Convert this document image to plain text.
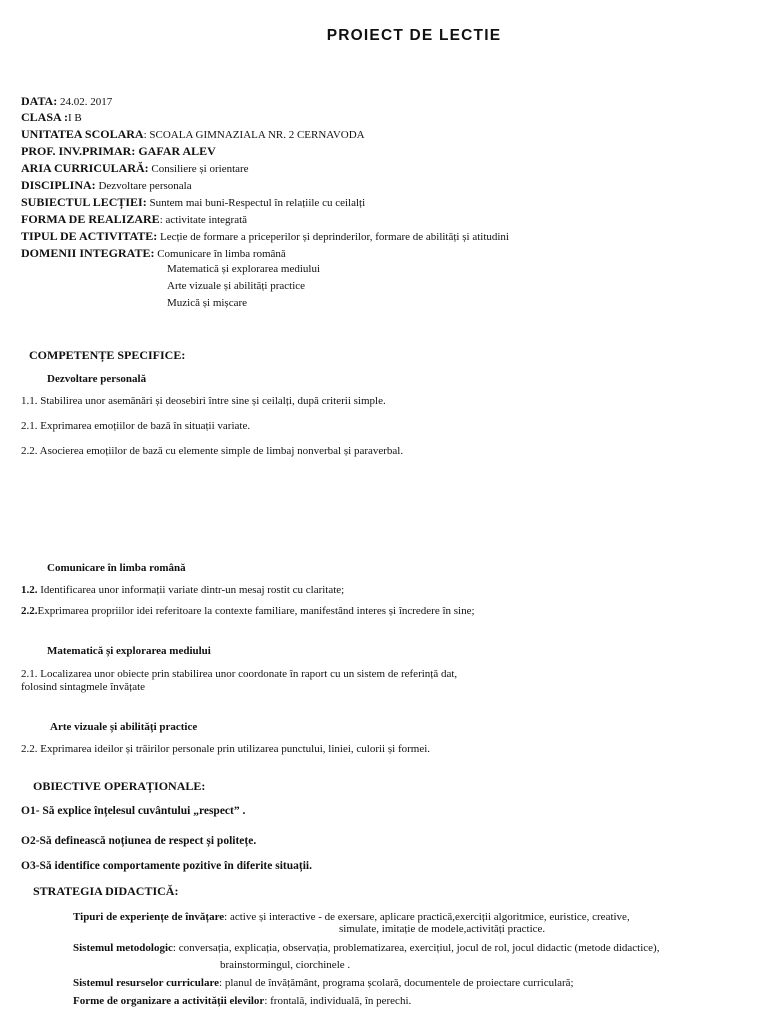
PROIECT DE LECTIE
DATA: 24.02. 2017
CLASA :I B
UNITATEA SCOLARA: SCOALA GIMNAZIALA NR. 2 CERNAVODA
PROF. INV.PRIMAR: GAFAR ALEV
ARIA CURRICULARĂ: Consiliere și orientare
DISCIPLINA: Dezvoltare personala
SUBIECTUL LECȚIEI: Suntem mai buni-Respectul în relațiile cu ceilalți
FORMA DE REALIZARE: activitate integrată
TIPUL DE ACTIVITATE: Lecție de formare a priceperilor și deprinderilor, formare de abilități și atitudini
DOMENII INTEGRATE: Comunicare în limba română
Matematică și explorarea mediului
Arte vizuale și abilități practice
Muzică și mișcare
COMPETENȚE SPECIFICE:
Dezvoltare personală
1.1. Stabilirea unor asemănări și deosebiri între sine și ceilalți, după criterii simple.
2.1. Exprimarea emoțiilor de bază în situații variate.
2.2. Asocierea emoțiilor de bază cu elemente simple de limbaj nonverbal și paraverbal.
Comunicare în limba română
1.2. Identificarea unor informații variate dintr-un mesaj rostit cu claritate;
2.2.Exprimarea propriilor idei referitoare la contexte familiare, manifestând interes și încredere în sine;
Matematică și explorarea mediului
2.1. Localizarea unor obiecte prin stabilirea unor coordonate în raport cu un sistem de referință dat,
folosind sintagmele învățate
Arte vizuale și abilități practice
2.2. Exprimarea ideilor și trăirilor personale prin utilizarea punctului, liniei, culorii și formei.
OBIECTIVE OPERAȚIONALE:
O1- Să explice înțelesul cuvântului „respect” .
O2-Să definească noțiunea de respect și politețe.
O3-Să identifice comportamente pozitive în diferite situații.
STRATEGIA DIDACTICĂ:
Tipuri de experiențe de învățare: active și interactive - de exersare, aplicare practică,exerciții algoritmice, euristice, creative,
simulate, imitație de modele,activități practice.
Sistemul metodologic: conversația, explicația, observația, problematizarea, exercițiul, jocul de rol, jocul didactic (metode didactice),
brainstormingul, ciorchinele .
Sistemul resurselor curriculare: planul de învățământ, programa școlară, documentele de proiectare curriculară;
Forme de organizare a activității elevilor: frontală, individuală, în perechi.
